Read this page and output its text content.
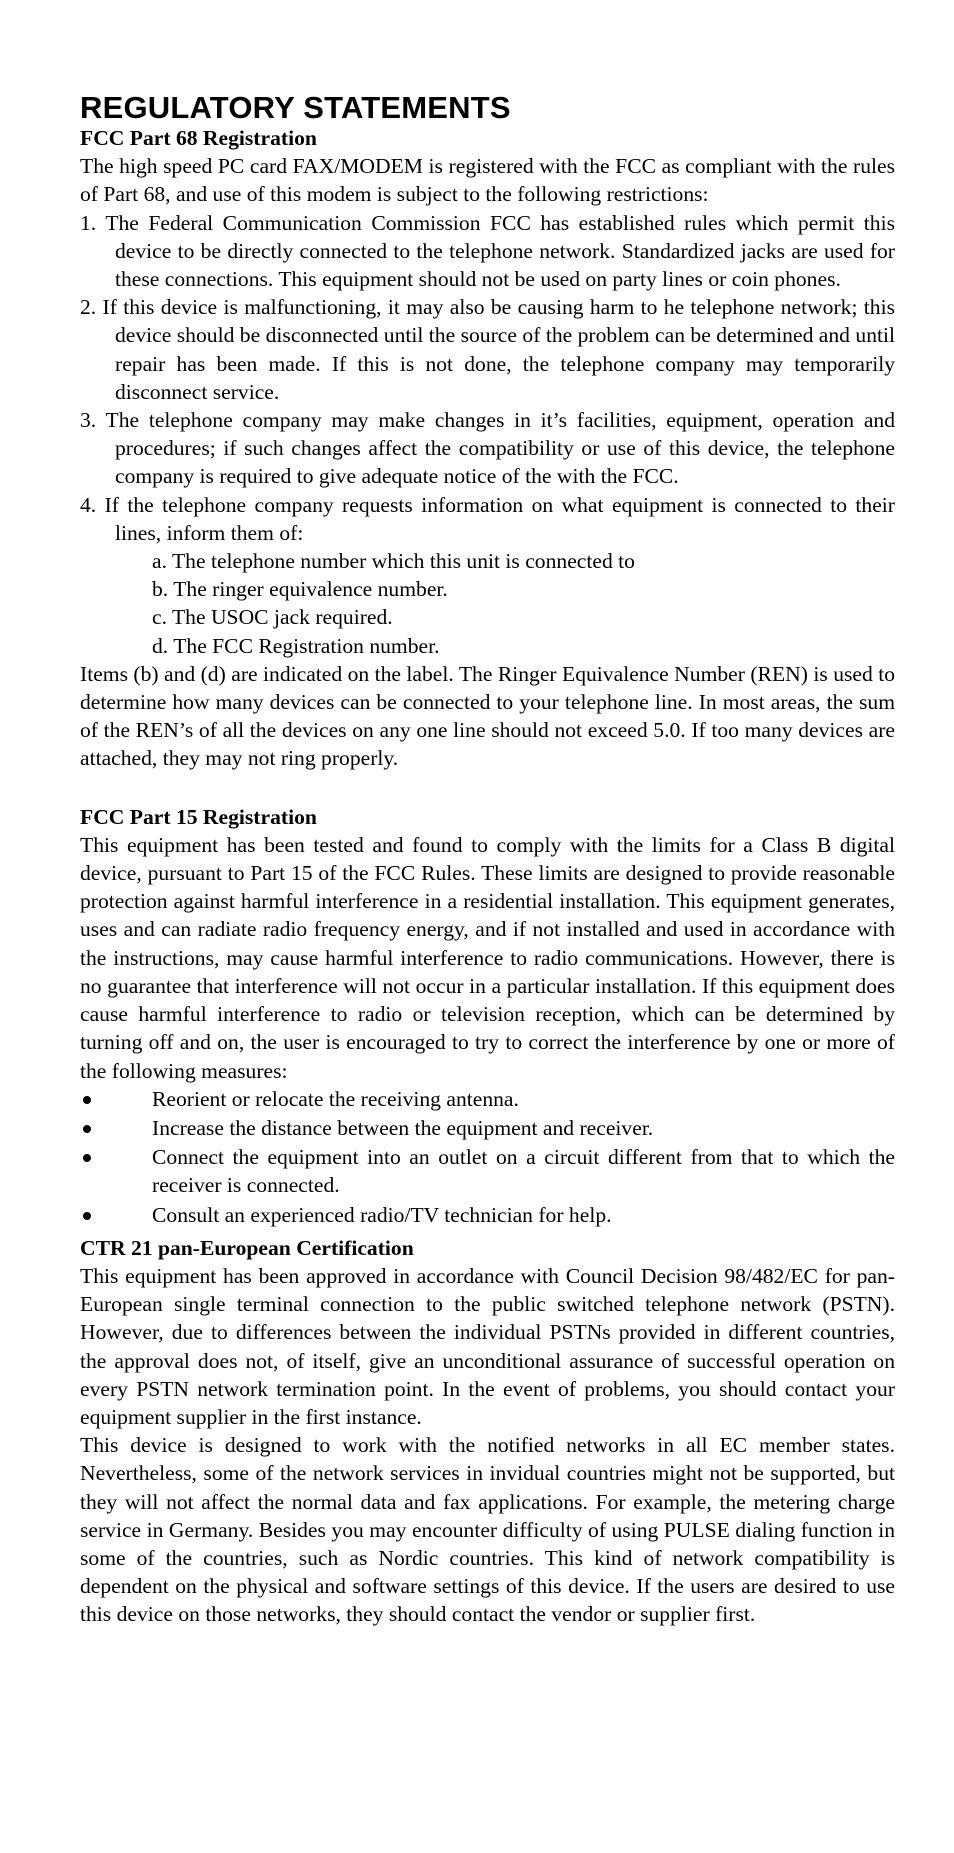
REGULATORY STATEMENTS
FCC Part 68 Registration

The high speed PC card FAX/MODEM is registered with the FCC as compliant with the rules of Part 68, and use of this modem is subject to the following restrictions:

1. The Federal Communication Commission FCC has established rules which permit this device to be directly connected to the telephone network. Standardized jacks are used for these connections. This equipment should not be used on party lines or coin phones.
2. If this device is malfunctioning, it may also be causing harm to he telephone network; this device should be disconnected until the source of the problem can be determined and until repair has been made. If this is not done, the telephone company may temporarily disconnect service.
3. The telephone company may make changes in it’s facilities, equipment, operation and procedures; if such changes affect the compatibility or use of this device, the telephone company is required to give adequate notice of the with the FCC.
4. If the telephone company requests information on what equipment is connected to their lines, inform them of:
a. The telephone number which this unit is connected to
b. The ringer equivalence number.
c. The USOC jack required.
d. The FCC Registration number.

Items (b) and (d) are indicated on the label. The Ringer Equivalence Number (REN) is used to determine how many devices can be connected to your telephone line. In most areas, the sum of the REN’s of all the devices on any one line should not exceed 5.0. If too many devices are attached, they may not ring properly.

FCC Part 15 Registration

This equipment has been tested and found to comply with the limits for a Class B digital device, pursuant to Part 15 of the FCC Rules. These limits are designed to provide reasonable protection against harmful interference in a residential installation. This equipment generates, uses and can radiate radio frequency energy, and if not installed and used in accordance with the instructions, may cause harmful interference to radio communications. However, there is no guarantee that interference will not occur in a particular installation. If this equipment does cause harmful interference to radio or television reception, which can be determined by turning off and on, the user is encouraged to try to correct the interference by one or more of the following measures:

Reorient or relocate the receiving antenna.
Increase the distance between the equipment and receiver.
Connect the equipment into an outlet on a circuit different from that to which the receiver is connected.
Consult an experienced radio/TV technician for help.
CTR 21 pan-European Certification

This equipment has been approved in accordance with Council Decision 98/482/EC for pan-European single terminal connection to the public switched telephone network (PSTN). However, due to differences between the individual PSTNs provided in different countries, the approval does not, of itself, give an unconditional assurance of successful operation on every PSTN network termination point. In the event of problems, you should contact your equipment supplier in the first instance.

This device is designed to work with the notified networks in all EC member states. Nevertheless, some of the network services in invidual countries might not be supported, but they will not affect the normal data and fax applications. For example, the metering charge service in Germany. Besides you may encounter difficulty of using PULSE dialing function in some of the countries, such as Nordic countries. This kind of network compatibility is dependent on the physical and software settings of this device. If the users are desired to use this device on those networks, they should contact the vendor or supplier first.
